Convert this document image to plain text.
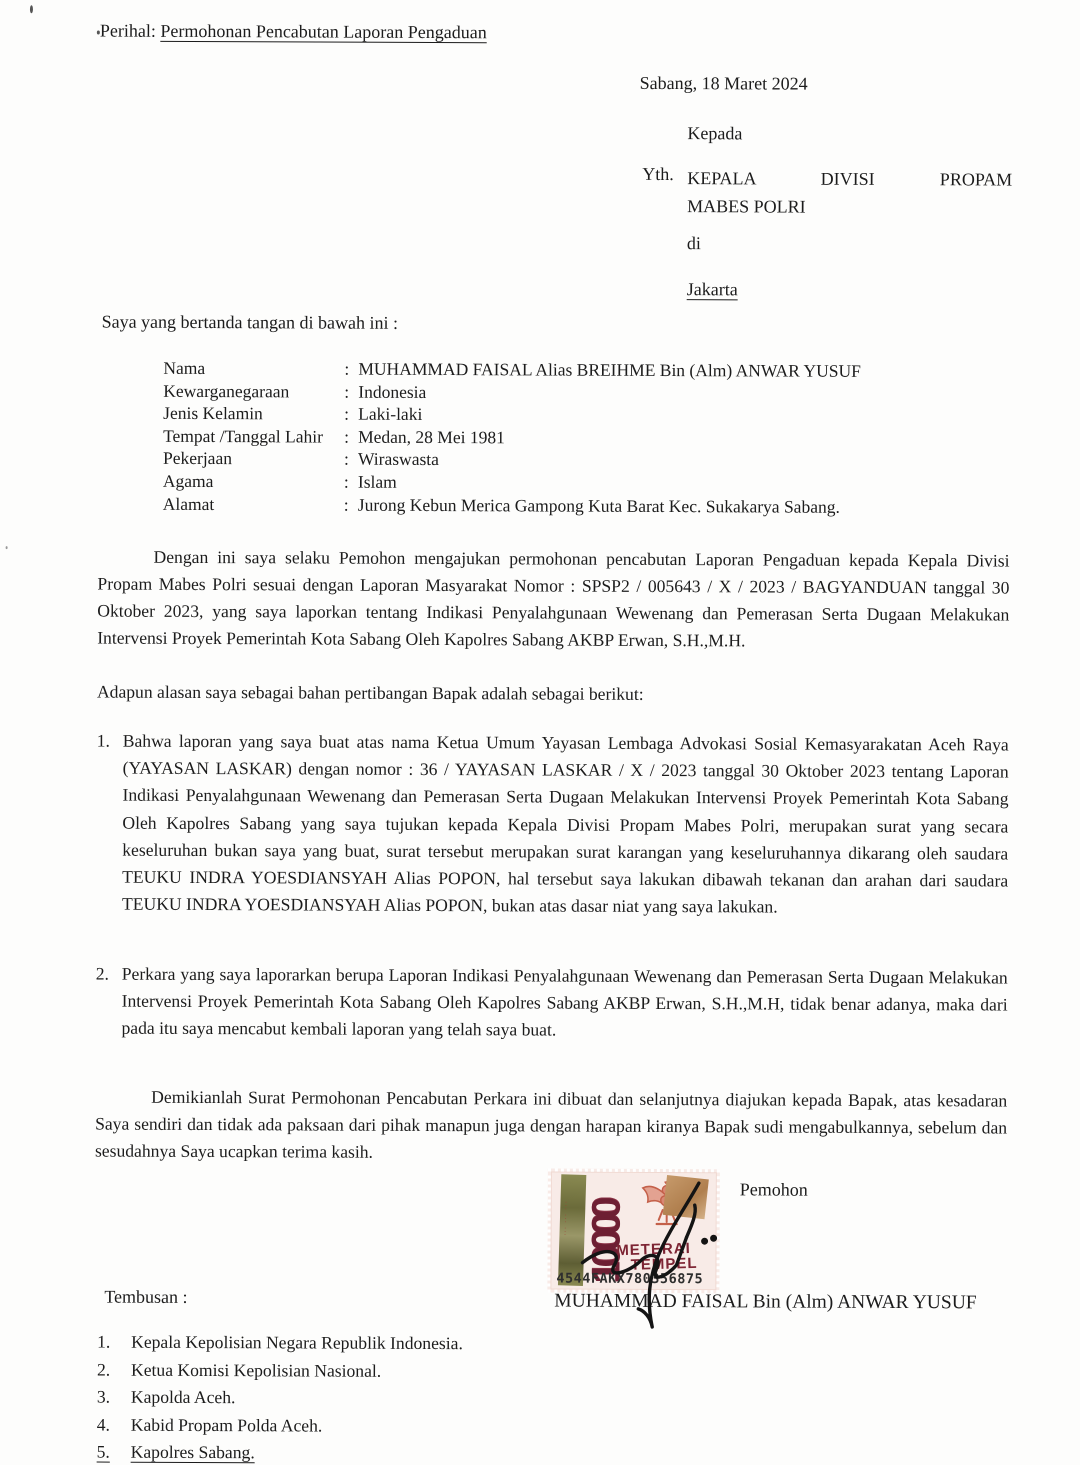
Perihal: Permohonan Pencabutan Laporan Pengaduan
Sabang, 18 Maret 2024
Kepada
Yth. KEPALA DIVISI PROPAM
MABES POLRI
di
Jakarta
Saya yang bertanda tangan di bawah ini :
Nama	: MUHAMMAD FAISAL Alias BREIHME Bin (Alm) ANWAR YUSUF
Kewarganegaraan	: Indonesia
Jenis Kelamin	: Laki-laki
Tempat /Tanggal Lahir	: Medan, 28 Mei 1981
Pekerjaan	: Wiraswasta
Agama	: Islam
Alamat	: Jurong Kebun Merica Gampong Kuta Barat Kec. Sukakarya Sabang.
Dengan ini saya selaku Pemohon mengajukan permohonan pencabutan Laporan Pengaduan kepada Kepala Divisi Propam Mabes Polri sesuai dengan Laporan Masyarakat Nomor : SPSP2 / 005643 / X / 2023 / BAGYANDUAN tanggal 30 Oktober 2023, yang saya laporkan tentang Indikasi Penyalahgunaan Wewenang dan Pemerasan Serta Dugaan Melakukan Intervensi Proyek Pemerintah Kota Sabang Oleh Kapolres Sabang AKBP Erwan, S.H.,M.H.
Adapun alasan saya sebagai bahan pertibangan Bapak adalah sebagai berikut:
1. Bahwa laporan yang saya buat atas nama Ketua Umum Yayasan Lembaga Advokasi Sosial Kemasyarakatan Aceh Raya (YAYASAN LASKAR) dengan nomor : 36 / YAYASAN LASKAR / X / 2023 tanggal 30 Oktober 2023 tentang Laporan Indikasi Penyalahgunaan Wewenang dan Pemerasan Serta Dugaan Melakukan Intervensi Proyek Pemerintah Kota Sabang Oleh Kapolres Sabang yang saya tujukan kepada Kepala Divisi Propam Mabes Polri, merupakan surat yang secara keseluruhan bukan saya yang buat, surat tersebut merupakan surat karangan yang keseluruhannya dikarang oleh saudara TEUKU INDRA YOESDIANSYAH Alias POPON, hal tersebut saya lakukan dibawah tekanan dan arahan dari saudara TEUKU INDRA YOESDIANSYAH Alias POPON, bukan atas dasar niat yang saya lakukan.
2. Perkara yang saya laporarkan berupa Laporan Indikasi Penyalahgunaan Wewenang dan Pemerasan Serta Dugaan Melakukan Intervensi Proyek Pemerintah Kota Sabang Oleh Kapolres Sabang AKBP Erwan, S.H.,M.H, tidak benar adanya, maka dari pada itu saya mencabut kembali laporan yang telah saya buat.
Demikianlah Surat Permohonan Pencabutan Perkara ini dibuat dan selanjutnya diajukan kepada Bapak, atas kesadaran Saya sendiri dan tidak ada paksaan dari pihak manapun juga dengan harapan kiranya Bapak sudi mengabulkannya, sebelum dan sesudahnya Saya ucapkan terima kasih.
Pemohon
··· ··· ··· 10000
METERAI
TEMPEL
4544FAKX780356875
MUHAMMAD FAISAL Bin (Alm) ANWAR YUSUF
Tembusan :
1.	Kepala Kepolisian Negara Republik Indonesia.
2.	Ketua Komisi Kepolisian Nasional.
3.	Kapolda Aceh.
4.	Kabid Propam Polda Aceh.
5.	Kapolres Sabang.
